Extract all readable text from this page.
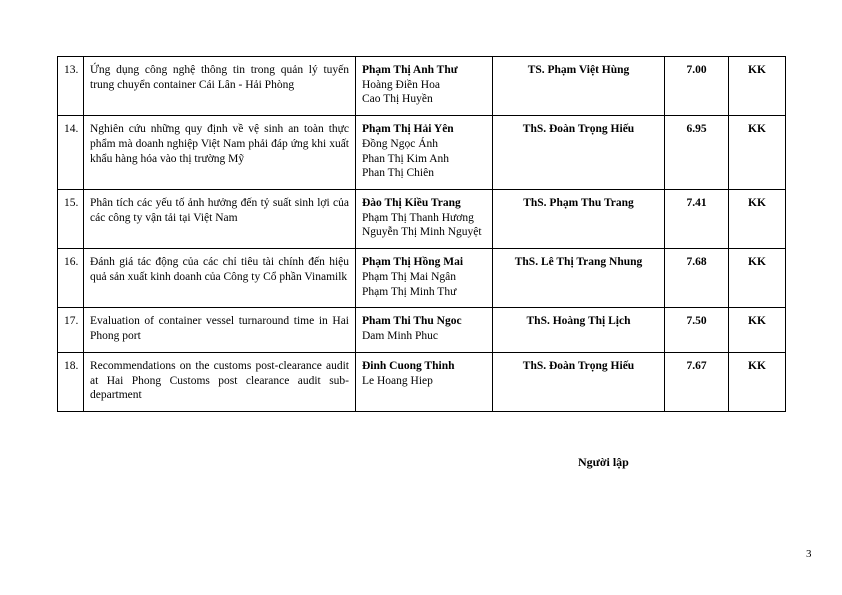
13.	Ứng dụng công nghệ thông tin trong quản lý tuyến trung chuyển container Cái Lân - Hải Phòng	Phạm Thị Anh Thư
Hoàng Điền Hoa
Cao Thị Huyền	TS. Phạm Việt Hùng	7.00	KK
14.	Nghiên cứu những quy định về vệ sinh an toàn thực phẩm mà doanh nghiệp Việt Nam phải đáp ứng khi xuất khẩu hàng hóa vào thị trường Mỹ	Phạm Thị Hải Yên
Đồng Ngọc Ánh
Phan Thị Kim Anh
Phan Thị Chiên	ThS. Đoàn Trọng Hiếu	6.95	KK
15.	Phân tích các yếu tố ảnh hưởng đến tỷ suất sinh lợi của các công ty vận tải tại Việt Nam	Đào Thị Kiều Trang
Phạm Thị Thanh Hương
Nguyễn Thị Minh Nguyệt	ThS. Phạm Thu Trang	7.41	KK
16.	Đánh giá tác động của các chỉ tiêu tài chính đến hiệu quả sản xuất kinh doanh của Công ty Cổ phần Vinamilk	Phạm Thị Hồng Mai
Phạm Thị Mai Ngân
Phạm Thị Minh Thư	ThS. Lê Thị Trang Nhung	7.68	KK
17.	Evaluation of container vessel turnaround time in Hai Phong port	Pham Thi Thu Ngoc
Dam Minh Phuc	ThS. Hoàng Thị Lịch	7.50	KK
18.	Recommendations on the customs post-clearance audit at Hai Phong Customs post clearance audit sub-department	Đinh Cuong Thinh
Le Hoang Hiep	ThS. Đoàn Trọng Hiếu	7.67	KK
Người lập
3
